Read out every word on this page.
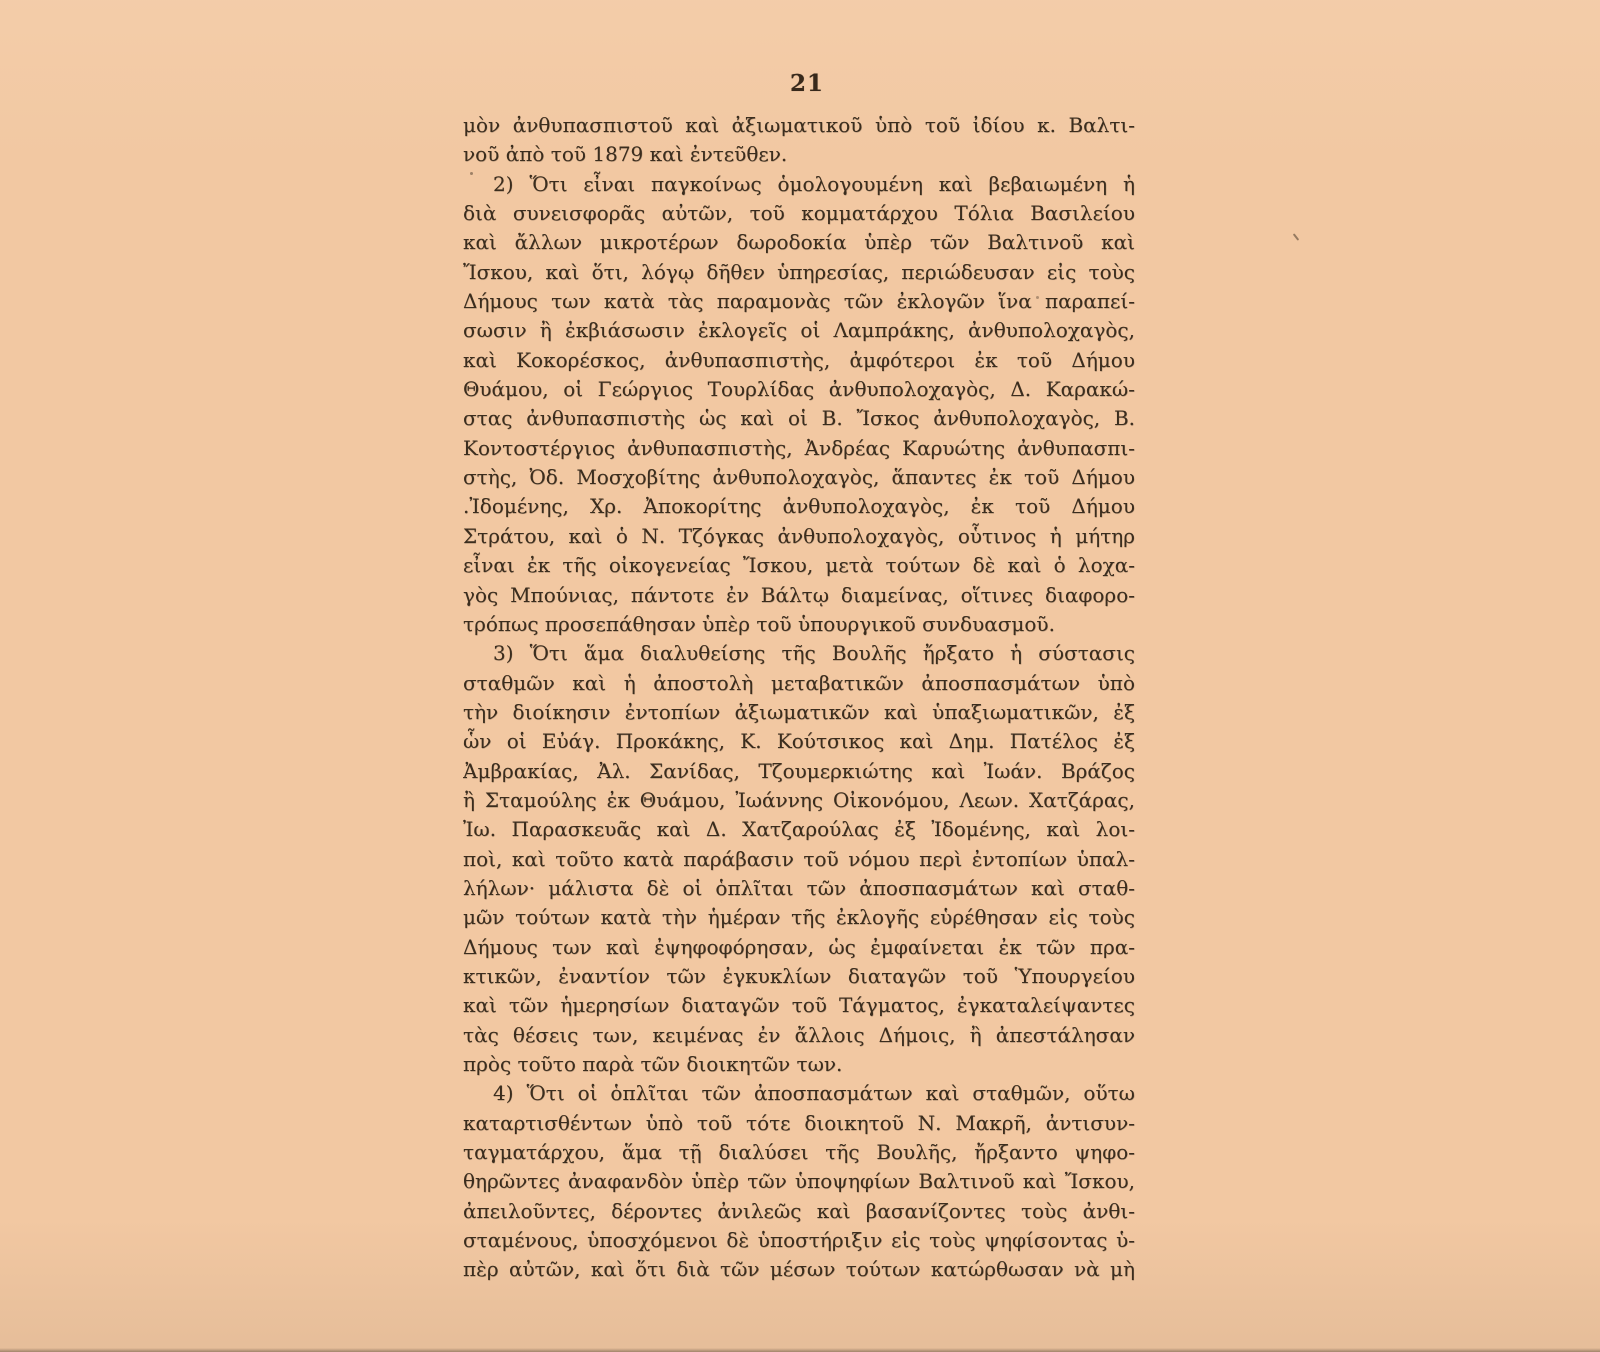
21
μὸν ἀνθυπασπιστοῦ καὶ ἀξιωματικοῦ ὑπὸ τοῦ ἰδίου κ. Βαλτι-
νοῦ ἀπὸ τοῦ 1879 καὶ ἐντεῦθεν.
2) Ὅτι εἶναι παγκοίνως ὁμολογουμένη καὶ βεβαιωμένη ἡ
διὰ συνεισφορᾶς αὐτῶν, τοῦ κομματάρχου Τόλια Βασιλείου
καὶ ἄλλων μικροτέρων δωροδοκία ὑπὲρ τῶν Βαλτινοῦ καὶ
Ἴσκου, καὶ ὅτι, λόγῳ δῆθεν ὑπηρεσίας, περιώδευσαν εἰς τοὺς
Δήμους των κατὰ τὰς παραμονὰς τῶν ἐκλογῶν ἵνα παραπεί-
σωσιν ἢ ἐκβιάσωσιν ἐκλογεῖς οἱ Λαμπράκης, ἀνθυπολοχαγὸς,
καὶ Κοκορέσκος, ἀνθυπασπιστὴς, ἀμφότεροι ἐκ τοῦ Δήμου
Θυάμου, οἱ Γεώργιος Τουρλίδας ἀνθυπολοχαγὸς, Δ. Καρακώ-
στας ἀνθυπασπιστὴς ὡς καὶ οἱ Β. Ἴσκος ἀνθυπολοχαγὸς, Β.
Κοντοστέργιος ἀνθυπασπιστὴς, Ἀνδρέας Καρυώτης ἀνθυπασπι-
στὴς, Ὀδ. Μοσχοβίτης ἀνθυπολοχαγὸς, ἅπαντες ἐκ τοῦ Δήμου
.Ἰδομένης, Χρ. Ἀποκορίτης ἀνθυπολοχαγὸς, ἐκ τοῦ Δήμου
Στράτου, καὶ ὁ Ν. Τζόγκας ἀνθυπολοχαγὸς, οὗτινος ἡ μήτηρ
εἶναι ἐκ τῆς οἰκογενείας Ἴσκου, μετὰ τούτων δὲ καὶ ὁ λοχα-
γὸς Μπούνιας, πάντοτε ἐν Βάλτῳ διαμείνας, οἵτινες διαφορο-
τρόπως προσεπάθησαν ὑπὲρ τοῦ ὑπουργικοῦ συνδυασμοῦ.
3) Ὅτι ἅμα διαλυθείσης τῆς Βουλῆς ἤρξατο ἡ σύστασις
σταθμῶν καὶ ἡ ἀποστολὴ μεταβατικῶν ἀποσπασμάτων ὑπὸ
τὴν διοίκησιν ἐντοπίων ἀξιωματικῶν καὶ ὑπαξιωματικῶν, ἐξ
ὧν οἱ Εὐάγ. Προκάκης, Κ. Κούτσικος καὶ Δημ. Πατέλος ἐξ
Ἀμβρακίας, Ἀλ. Σανίδας, Τζουμερκιώτης καὶ Ἰωάν. Βράζος
ἢ Σταμούλης ἐκ Θυάμου, Ἰωάννης Οἰκονόμου, Λεων. Χατζάρας,
Ἰω. Παρασκευᾶς καὶ Δ. Χατζαρούλας ἐξ Ἰδομένης, καὶ λοι-
ποὶ, καὶ τοῦτο κατὰ παράβασιν τοῦ νόμου περὶ ἐντοπίων ὑπαλ-
λήλων· μάλιστα δὲ οἱ ὁπλῖται τῶν ἀποσπασμάτων καὶ σταθ-
μῶν τούτων κατὰ τὴν ἡμέραν τῆς ἐκλογῆς εὑρέθησαν εἰς τοὺς
Δήμους των καὶ ἐψηφοφόρησαν, ὡς ἐμφαίνεται ἐκ τῶν πρα-
κτικῶν, ἐναντίον τῶν ἐγκυκλίων διαταγῶν τοῦ Ὑπουργείου
καὶ τῶν ἡμερησίων διαταγῶν τοῦ Τάγματος, ἐγκαταλείψαντες
τὰς θέσεις των, κειμένας ἐν ἄλλοις Δήμοις, ἢ ἀπεστάλησαν
πρὸς τοῦτο παρὰ τῶν διοικητῶν των.
4) Ὅτι οἱ ὁπλῖται τῶν ἀποσπασμάτων καὶ σταθμῶν, οὕτω
καταρτισθέντων ὑπὸ τοῦ τότε διοικητοῦ Ν. Μακρῆ, ἀντισυν-
ταγματάρχου, ἅμα τῇ διαλύσει τῆς Βουλῆς, ἤρξαντο ψηφο-
θηρῶντες ἀναφανδὸν ὑπὲρ τῶν ὑποψηφίων Βαλτινοῦ καὶ Ἴσκου,
ἀπειλοῦντες, δέροντες ἀνιλεῶς καὶ βασανίζοντες τοὺς ἀνθι-
σταμένους, ὑποσχόμενοι δὲ ὑποστήριξιν εἰς τοὺς ψηφίσοντας ὑ-
πὲρ αὐτῶν, καὶ ὅτι διὰ τῶν μέσων τούτων κατώρθωσαν νὰ μὴ
